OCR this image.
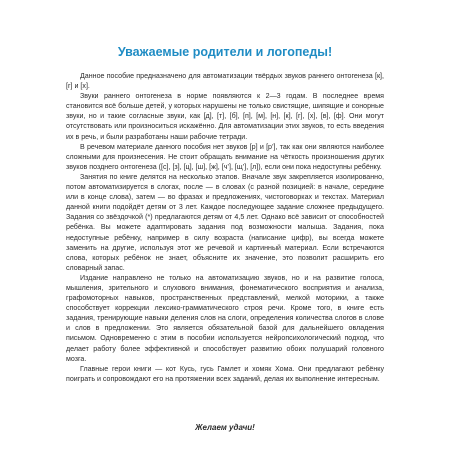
Уважаемые родители и логопеды!

Данное пособие предназначено для автоматизации твёрдых звуков раннего онтогенеза [к], [г] и [х].

Звуки раннего онтогенеза в норме появляются к 2—3 годам. В последнее время становится всё больше детей, у которых нарушены не только свистящие, шипящие и сонорные звуки, но и такие согласные звуки, как [д], [т], [б], [п], [м], [н], [к], [г], [х], [в], [ф]. Они могут отсутствовать или произноситься искажённо. Для автоматизации этих звуков, то есть введения их в речь, и были разработаны наши рабочие тетради.

В речевом материале данного пособия нет звуков [р] и [р’], так как они являются наиболее сложными для произнесения. Не стоит обращать внимание на чёткость произношения других звуков позднего онтогенеза ([с], [з], [ц], [ш], [ж], [ч’], [щ’], [л]), если они пока недоступны ребёнку.

Занятия по книге делятся на несколько этапов. Вначале звук закрепляется изолированно, потом автоматизируется в слогах, после — в словах (с разной позицией: в начале, середине или в конце слова), затем — во фразах и предложениях, чистоговорках и текстах. Материал данной книги подойдёт детям от 3 лет. Каждое последующее задание сложнее предыдущего. Задания со звёздочкой (*) предлагаются детям от 4,5 лет. Однако всё зависит от способностей ребёнка. Вы можете адаптировать задания под возможности малыша. Задания, пока недоступные ребёнку, например в силу возраста (написание цифр), вы всегда можете заменить на другие, используя этот же речевой и картинный материал. Если встречаются слова, которых ребёнок не знает, объясните их значение, это позволит расширить его словарный запас.

Издание направлено не только на автоматизацию звуков, но и на развитие голоса, мышления, зрительного и слухового внимания, фонематического восприятия и анализа, графомоторных навыков, пространственных представлений, мелкой моторики, а также способствует коррекции лексико-грамматического строя речи. Кроме того, в книге есть задания, тренирующие навыки деления слов на слоги, определения количества слогов в слове и слов в предложении. Это является обязательной базой для дальнейшего овладения письмом. Одновременно с этим в пособии используется нейропсихологический подход, что делает работу более эффективной и способствует развитию обоих полушарий головного мозга.

Главные герои книги — кот Кусь, гусь Гамлет и хомяк Хома. Они предлагают ребёнку поиграть и сопровождают его на протяжении всех заданий, делая их выполнение интересным.

Желаем удачи!
